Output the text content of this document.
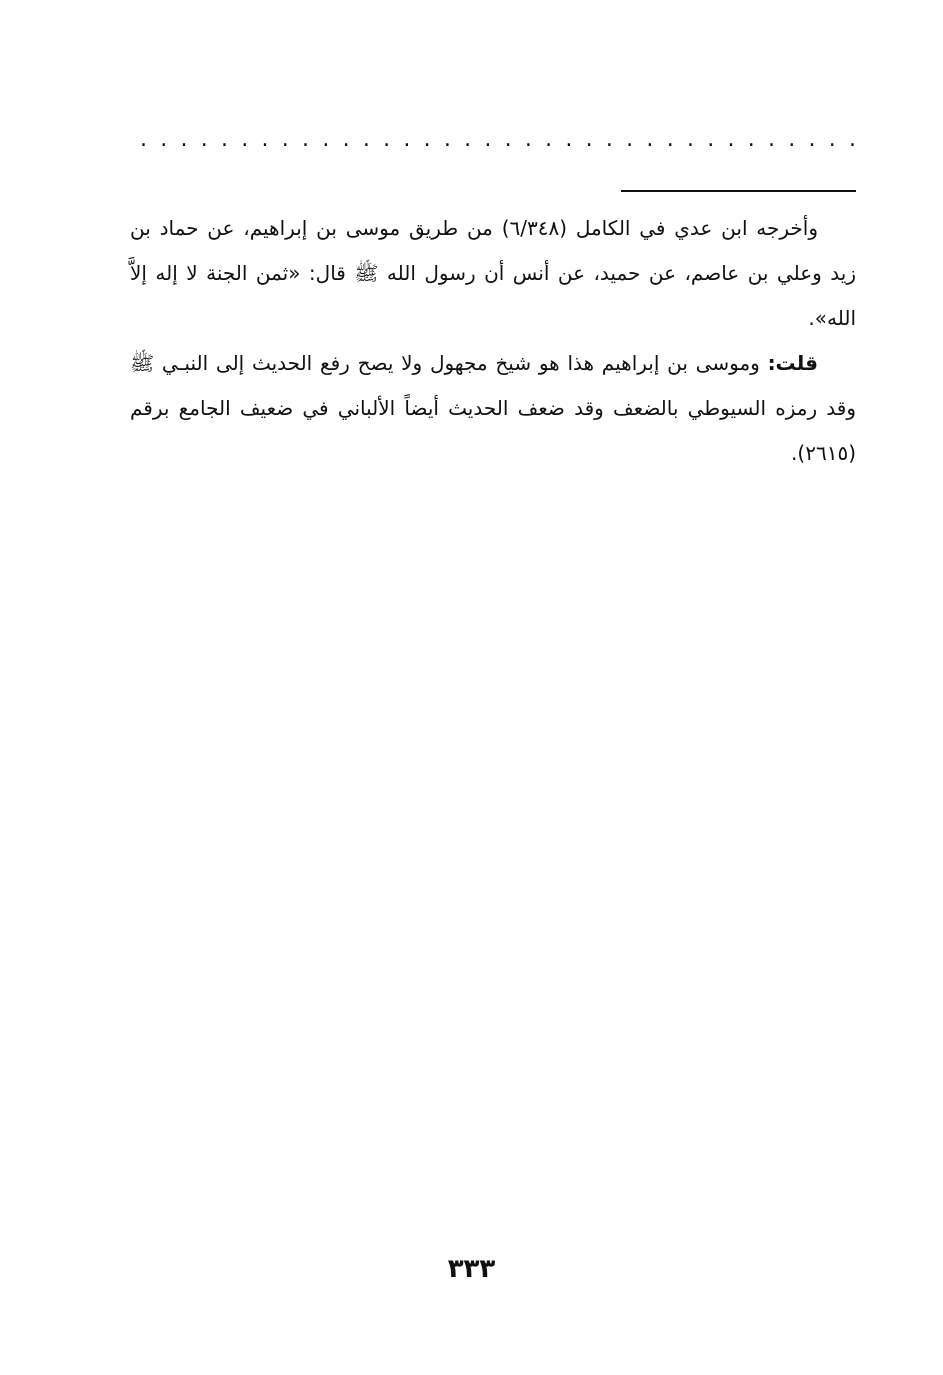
. . . . . . . . . . . . . . . . . . . . . . . . . . . . . . . . . . . .

وأخرجه ابن عدي في الكامل (٦/٣٤٨) من طريق موسى بن إبراهيم، عن حماد بن زيد وعلي بن عاصم، عن حميد، عن أنس أن رسول الله ﷺ قال: «ثمن الجنة لا إله إلاَّ الله».

قلت: وموسى بن إبراهيم هذا هو شيخ مجهول ولا يصح رفع الحديث إلى النبـي ﷺ وقد رمزه السيوطي بالضعف وقد ضعف الحديث أيضاً الألباني في ضعيف الجامع برقم (٢٦١٥).

٣٣٣
